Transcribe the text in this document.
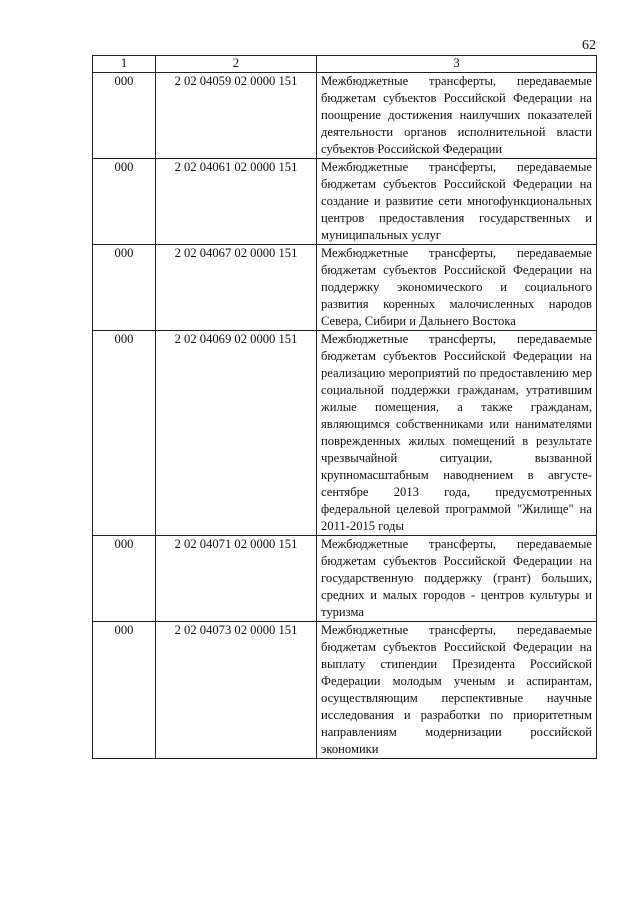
62
1	2	3
000	2 02 04059 02 0000 151	Межбюджетные трансферты, передаваемые бюджетам субъектов Российской Федерации на поощрение достижения наилучших показателей деятельности органов исполнительной власти субъектов Российской Федерации
000	2 02 04061 02 0000 151	Межбюджетные трансферты, передаваемые бюджетам субъектов Российской Федерации на создание и развитие сети многофункциональных центров предоставления государственных и муниципальных услуг
000	2 02 04067 02 0000 151	Межбюджетные трансферты, передаваемые бюджетам субъектов Российской Федерации на поддержку экономического и социального развития коренных малочисленных народов Севера, Сибири и Дальнего Востока
000	2 02 04069 02 0000 151	Межбюджетные трансферты, передаваемые бюджетам субъектов Российской Федерации на реализацию мероприятий по предоставлению мер социальной поддержки гражданам, утратившим жилые помещения, а также гражданам, являющимся собственниками или нанимателями поврежденных жилых помещений в результате чрезвычайной ситуации, вызванной крупномасштабным наводнением в августе-сентябре 2013 года, предусмотренных федеральной целевой программой "Жилище" на 2011-2015 годы
000	2 02 04071 02 0000 151	Межбюджетные трансферты, передаваемые бюджетам субъектов Российской Федерации на государственную поддержку (грант) больших, средних и малых городов - центров культуры и туризма
000	2 02 04073 02 0000 151	Межбюджетные трансферты, передаваемые бюджетам субъектов Российской Федерации на выплату стипендии Президента Российской Федерации молодым ученым и аспирантам, осуществляющим перспективные научные исследования и разработки по приоритетным направлениям модернизации российской экономики
